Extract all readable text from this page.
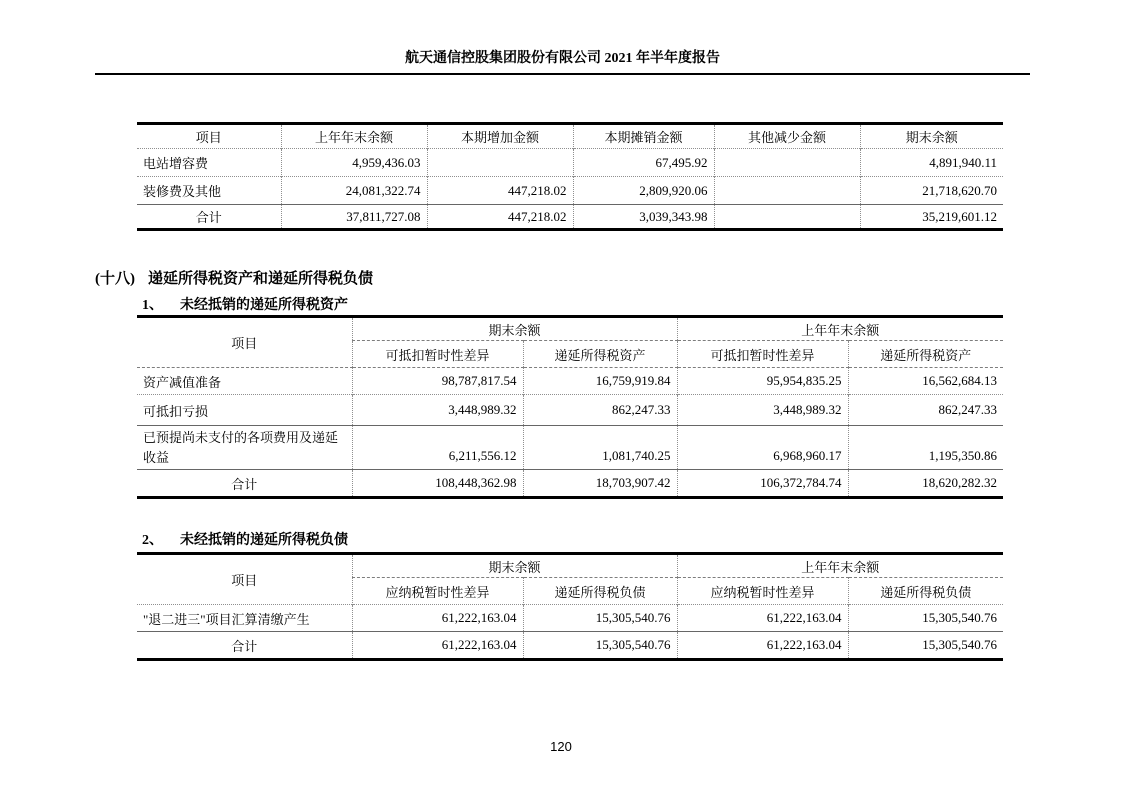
航天通信控股集团股份有限公司 2021 年半年度报告
项目	上年年末余额	本期增加金额	本期摊销金额	其他减少金额	期末余额
电站增容费	4,959,436.03		67,495.92		4,891,940.11
装修费及其他	24,081,322.74	447,218.02	2,809,920.06		21,718,620.70
合计	37,811,727.08	447,218.02	3,039,343.98		35,219,601.12
(十八) 递延所得税资产和递延所得税负债
1、 未经抵销的递延所得税资产
项目	期末余额		上年年末余额	
	可抵扣暂时性差异	递延所得税资产	可抵扣暂时性差异	递延所得税资产
资产减值准备	98,787,817.54	16,759,919.84	95,954,835.25	16,562,684.13
可抵扣亏损	3,448,989.32	862,247.33	3,448,989.32	862,247.33
已预提尚未支付的各项费用及递延收益	6,211,556.12	1,081,740.25	6,968,960.17	1,195,350.86
合计	108,448,362.98	18,703,907.42	106,372,784.74	18,620,282.32
2、 未经抵销的递延所得税负债
项目	期末余额		上年年末余额	
	应纳税暂时性差异	递延所得税负债	应纳税暂时性差异	递延所得税负债
"退二进三"项目汇算清缴产生	61,222,163.04	15,305,540.76	61,222,163.04	15,305,540.76
合计	61,222,163.04	15,305,540.76	61,222,163.04	15,305,540.76
120
